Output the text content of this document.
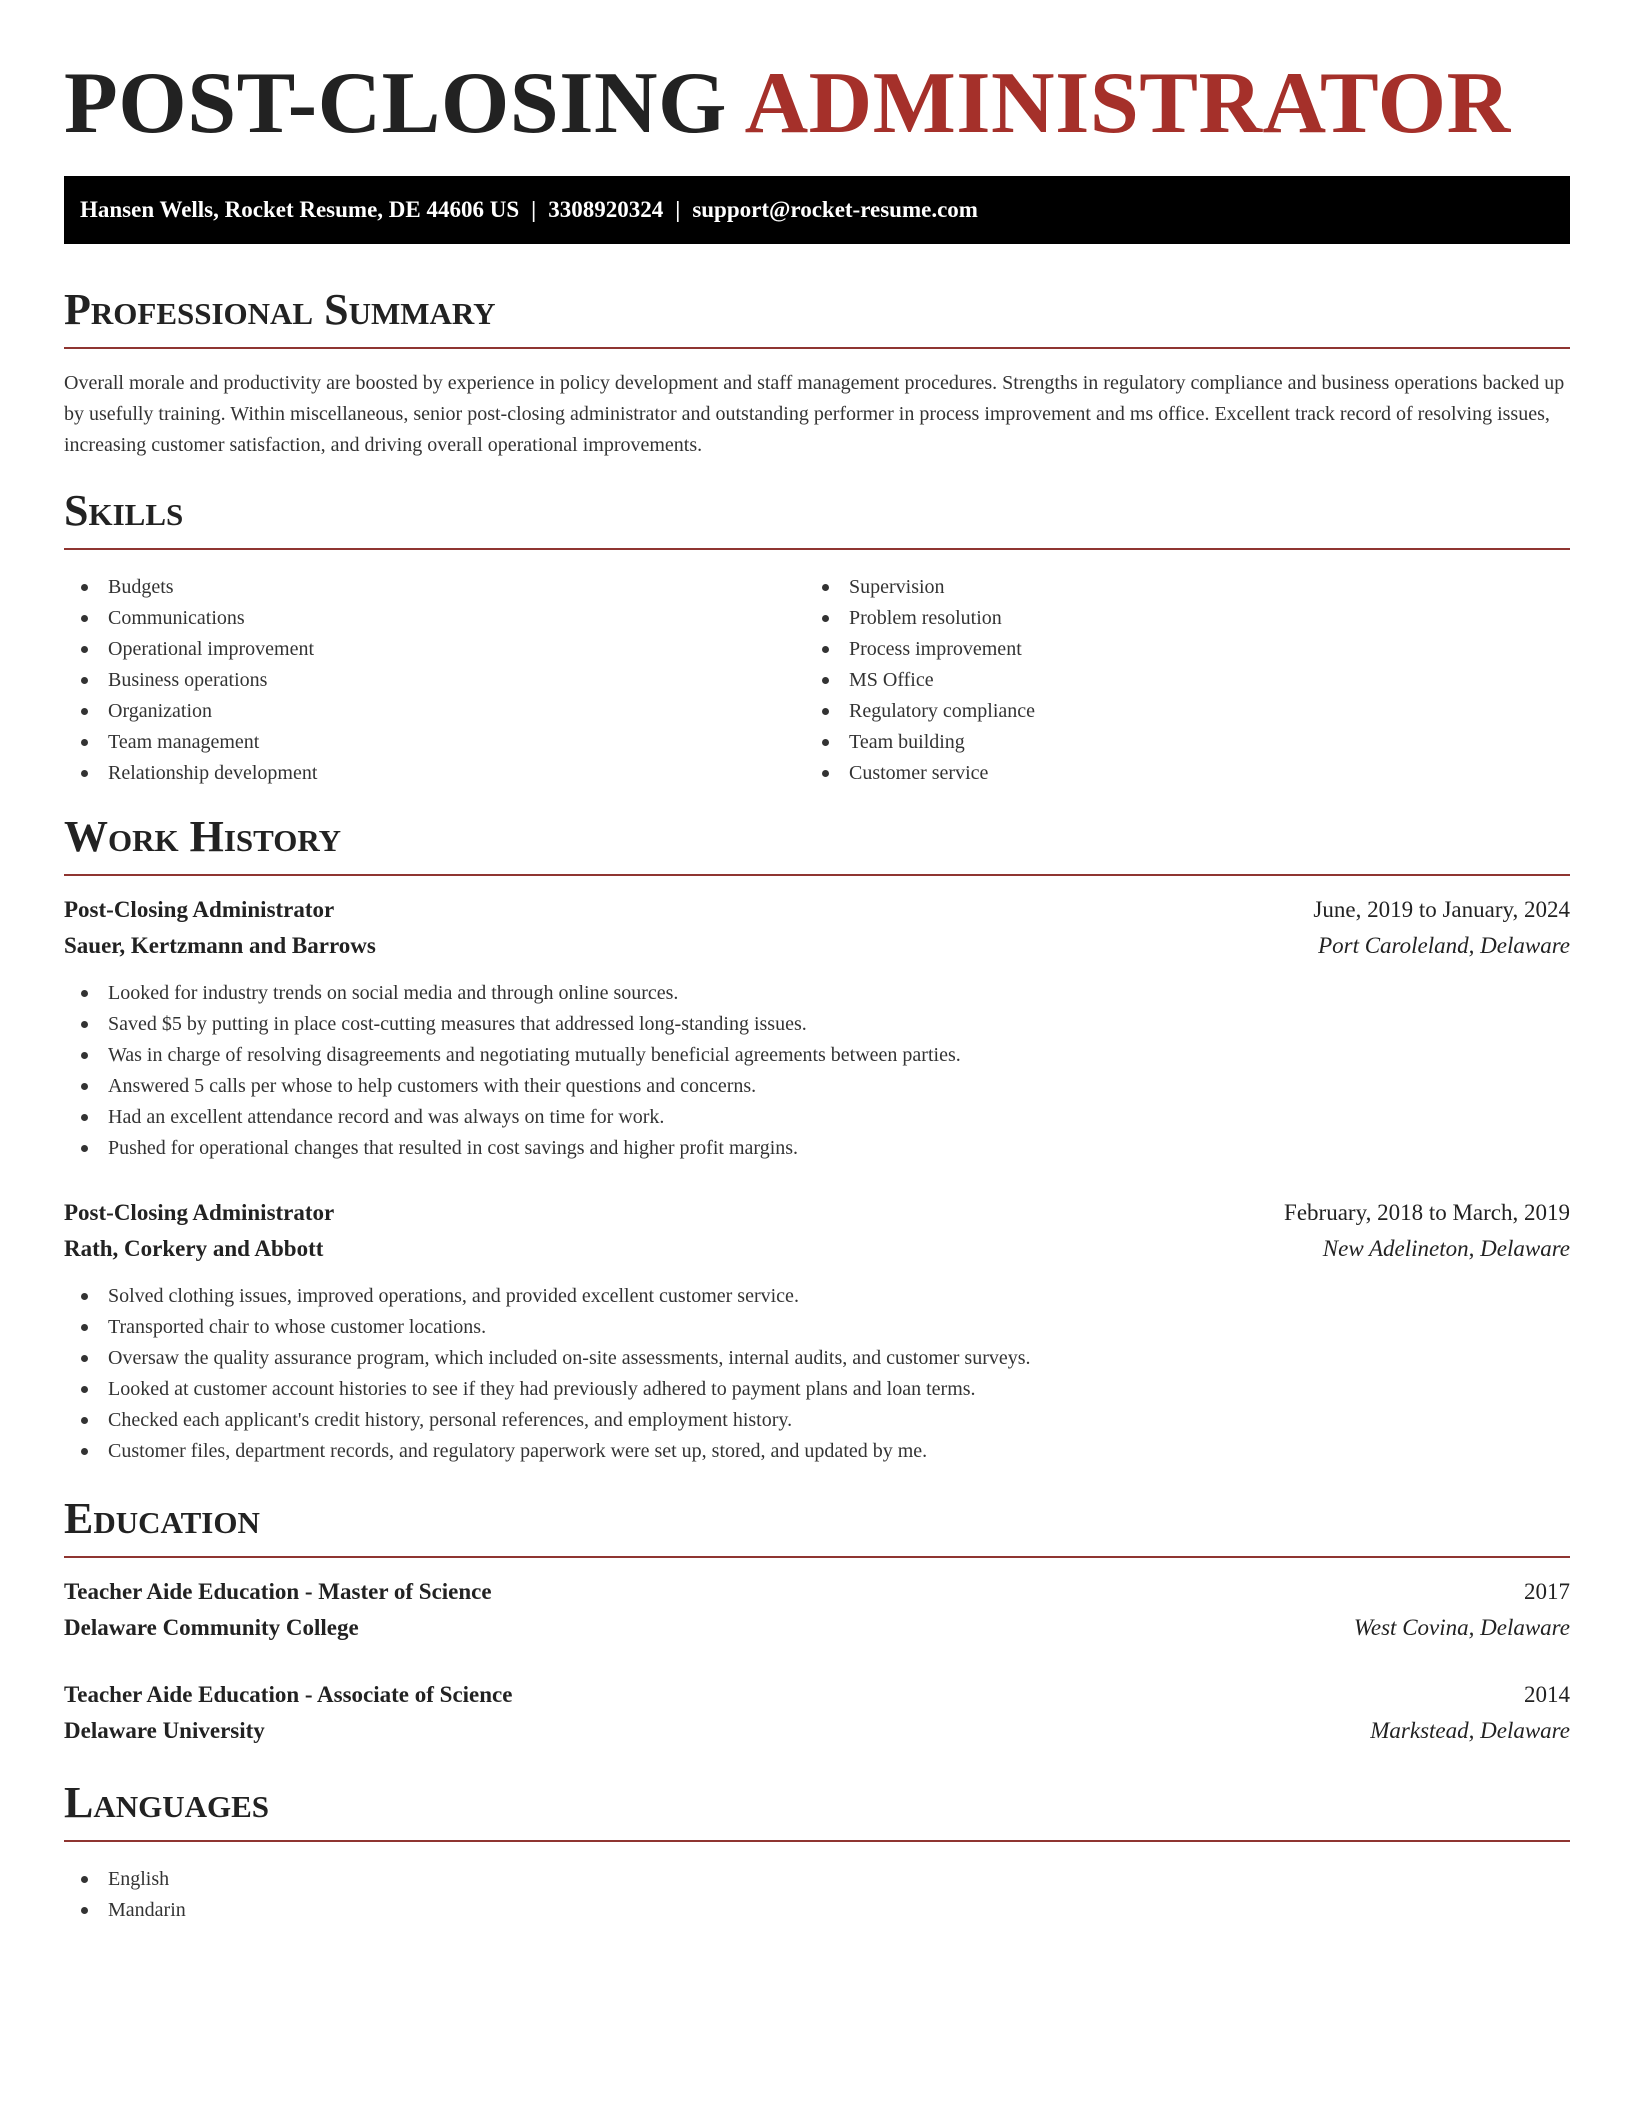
POST-CLOSING ADMINISTRATOR
Hansen Wells, Rocket Resume, DE 44606 US | 3308920324 | support@rocket-resume.com
Professional Summary

Overall morale and productivity are boosted by experience in policy development and staff management procedures. Strengths in regulatory compliance and business operations backed up by usefully training. Within miscellaneous, senior post-closing administrator and outstanding performer in process improvement and ms office. Excellent track record of resolving issues, increasing customer satisfaction, and driving overall operational improvements.

Skills
Budgets
Communications
Operational improvement
Business operations
Organization
Team management
Relationship development
Supervision
Problem resolution
Process improvement
MS Office
Regulatory compliance
Team building
Customer service
Work History
Post-Closing Administrator	June, 2019 to January, 2024
Sauer, Kertzmann and Barrows	Port Caroleland, Delaware
Looked for industry trends on social media and through online sources.
Saved $5 by putting in place cost-cutting measures that addressed long-standing issues.
Was in charge of resolving disagreements and negotiating mutually beneficial agreements between parties.
Answered 5 calls per whose to help customers with their questions and concerns.
Had an excellent attendance record and was always on time for work.
Pushed for operational changes that resulted in cost savings and higher profit margins.
Post-Closing Administrator	February, 2018 to March, 2019
Rath, Corkery and Abbott	New Adelineton, Delaware
Solved clothing issues, improved operations, and provided excellent customer service.
Transported chair to whose customer locations.
Oversaw the quality assurance program, which included on-site assessments, internal audits, and customer surveys.
Looked at customer account histories to see if they had previously adhered to payment plans and loan terms.
Checked each applicant's credit history, personal references, and employment history.
Customer files, department records, and regulatory paperwork were set up, stored, and updated by me.
Education
Teacher Aide Education - Master of Science	2017
Delaware Community College	West Covina, Delaware
Teacher Aide Education - Associate of Science	2014
Delaware University	Markstead, Delaware
Languages
English
Mandarin
